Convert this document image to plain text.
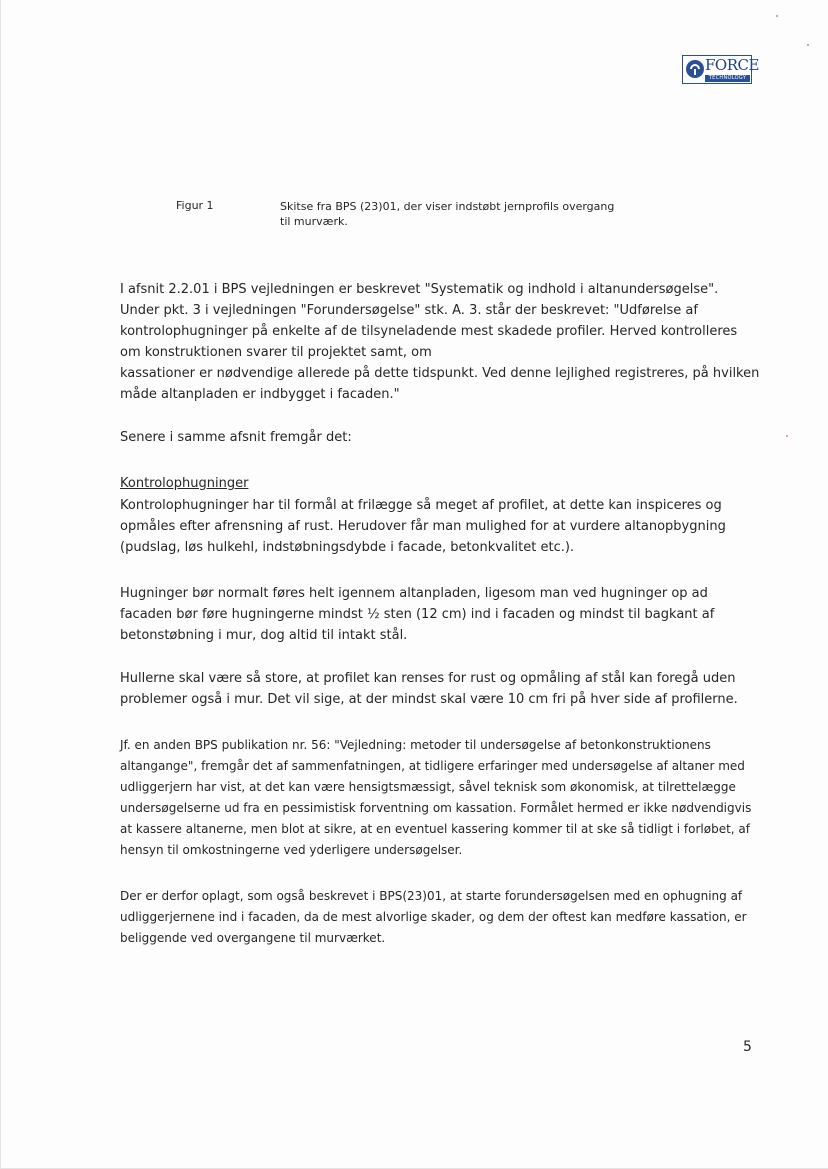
FORCE
TECHNOLOGY
Figur 1	Skitse fra BPS (23)01, der viser indstøbt jernprofils overgang til murværk.

I afsnit 2.2.01 i BPS vejledningen er beskrevet "Systematik og indhold i altanundersøgelse". Under pkt. 3 i vejledningen "Forundersøgelse" stk. A. 3. står der beskrevet: "Udførelse af kontrolophugninger på enkelte af de tilsyneladende mest skadede profiler. Herved kontrolleres om konstruktionen svarer til projektet samt, om

kassationer er nødvendige allerede på dette tidspunkt. Ved denne lejlighed registreres, på hvilken måde altanpladen er indbygget i facaden."

Senere i samme afsnit fremgår det:

Kontrolophugninger

Kontrolophugninger har til formål at frilægge så meget af profilet, at dette kan inspiceres og opmåles efter afrensning af rust. Herudover får man mulighed for at vurdere altanopbygning (pudslag, løs hulkehl, indstøbningsdybde i facade, betonkvalitet etc.).

Hugninger bør normalt føres helt igennem altanpladen, ligesom man ved hugninger op ad facaden bør føre hugningerne mindst ½ sten (12 cm) ind i facaden og mindst til bagkant af betonstøbning i mur, dog altid til intakt stål.

Hullerne skal være så store, at profilet kan renses for rust og opmåling af stål kan foregå uden problemer også i mur. Det vil sige, at der mindst skal være 10 cm fri på hver side af profilerne.

Jf. en anden BPS publikation nr. 56: "Vejledning: metoder til undersøgelse af betonkonstruktionens altangange", fremgår det af sammenfatningen, at tidligere erfaringer med undersøgelse af altaner med udliggerjern har vist, at det kan være hensigtsmæssigt, såvel teknisk som økonomisk, at tilrettelægge undersøgelserne ud fra en pessimistisk forventning om kassation. Formålet hermed er ikke nødvendigvis at kassere altanerne, men blot at sikre, at en eventuel kassering kommer til at ske så tidligt i forløbet, af hensyn til omkostningerne ved yderligere undersøgelser.

Der er derfor oplagt, som også beskrevet i BPS(23)01, at starte forundersøgelsen med en ophugning af udliggerjernene ind i facaden, da de mest alvorlige skader, og dem der oftest kan medføre kassation, er beliggende ved overgangene til murværket.

5
